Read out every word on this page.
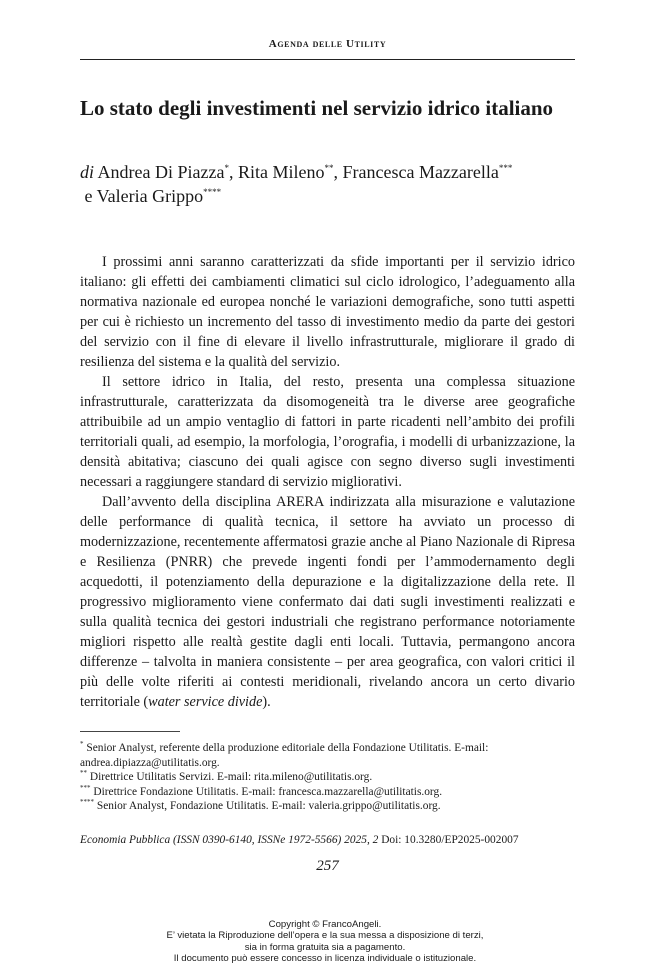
Agenda delle Utility
Lo stato degli investimenti nel servizio idrico italiano
di Andrea Di Piazza*, Rita Mileno**, Francesca Mazzarella*** e Valeria Grippo****

I prossimi anni saranno caratterizzati da sfide importanti per il servizio idrico italiano: gli effetti dei cambiamenti climatici sul ciclo idrologico, l’adeguamento alla normativa nazionale ed europea nonché le variazioni demografiche, sono tutti aspetti per cui è richiesto un incremento del tasso di investimento medio da parte dei gestori del servizio con il fine di elevare il livello infrastrutturale, migliorare il grado di resilienza del sistema e la qualità del servizio.

Il settore idrico in Italia, del resto, presenta una complessa situazione infrastrutturale, caratterizzata da disomogeneità tra le diverse aree geografiche attribuibile ad un ampio ventaglio di fattori in parte ricadenti nell’ambito dei profili territoriali quali, ad esempio, la morfologia, l’orografia, i modelli di urbanizzazione, la densità abitativa; ciascuno dei quali agisce con segno diverso sugli investimenti necessari a raggiungere standard di servizio migliorativi.

Dall’avvento della disciplina ARERA indirizzata alla misurazione e valutazione delle performance di qualità tecnica, il settore ha avviato un processo di modernizzazione, recentemente affermatosi grazie anche al Piano Nazionale di Ripresa e Resilienza (PNRR) che prevede ingenti fondi per l’ammodernamento degli acquedotti, il potenziamento della depurazione e la digitalizzazione della rete. Il progressivo miglioramento viene confermato dai dati sugli investimenti realizzati e sulla qualità tecnica dei gestori industriali che registrano performance notoriamente migliori rispetto alle realtà gestite dagli enti locali. Tuttavia, permangono ancora differenze – talvolta in maniera consistente – per area geografica, con valori critici il più delle volte riferiti ai contesti meridionali, rivelando ancora un certo divario territoriale (water service divide).

* Senior Analyst, referente della produzione editoriale della Fondazione Utilitatis. E-mail: andrea.dipiazza@utilitatis.org.

** Direttrice Utilitatis Servizi. E-mail: rita.mileno@utilitatis.org.

*** Direttrice Fondazione Utilitatis. E-mail: francesca.mazzarella@utilitatis.org.

**** Senior Analyst, Fondazione Utilitatis. E-mail: valeria.grippo@utilitatis.org.

Economia Pubblica (ISSN 0390-6140, ISSNe 1972-5566) 2025, 2 Doi: 10.3280/EP2025-002007
257
Copyright © FrancoAngeli.
E’ vietata la Riproduzione dell’opera e la sua messa a disposizione di terzi,
sia in forma gratuita sia a pagamento.
Il documento può essere concesso in licenza individuale o istituzionale.
